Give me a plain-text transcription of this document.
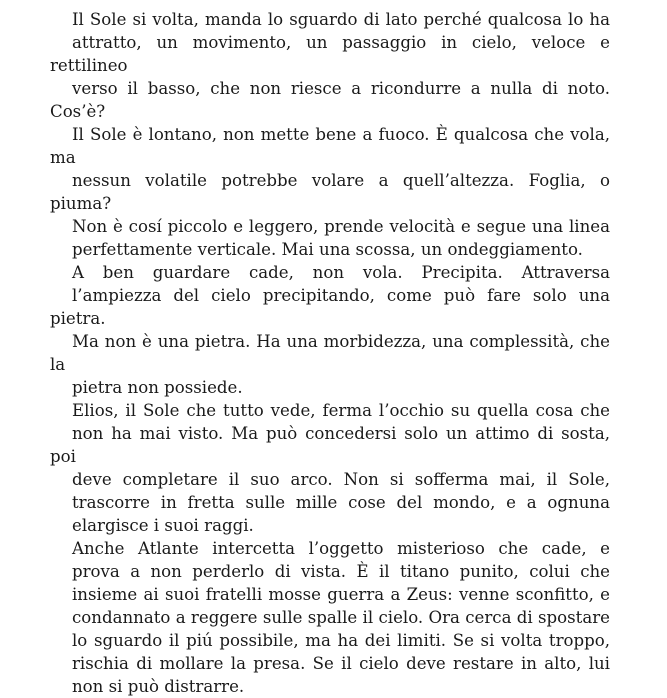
Il Sole si volta, manda lo sguardo di lato perché qualcosa lo ha
attratto, un movimento, un passaggio in cielo, veloce e rettilineo
verso il basso, che non riesce a ricondurre a nulla di noto. Cos’è?
Il Sole è lontano, non mette bene a fuoco. È qualcosa che vola, ma
nessun volatile potrebbe volare a quell’altezza. Foglia, o piuma?
Non è cosí piccolo e leggero, prende velocità e segue una linea
perfettamente verticale. Mai una scossa, un ondeggiamento.

A ben guardare cade, non vola. Precipita. Attraversa
l’ampiezza del cielo precipitando, come può fare solo una pietra.
Ma non è una pietra. Ha una morbidezza, una complessità, che la
pietra non possiede.

Elios, il Sole che tutto vede, ferma l’occhio su quella cosa che
non ha mai visto. Ma può concedersi solo un attimo di sosta, poi
deve completare il suo arco. Non si sofferma mai, il Sole,
trascorre in fretta sulle mille cose del mondo, e a ognuna
elargisce i suoi raggi.

Anche Atlante intercetta l’oggetto misterioso che cade, e
prova a non perderlo di vista. È il titano punito, colui che
insieme ai suoi fratelli mosse guerra a Zeus: venne sconfitto, e
condannato a reggere sulle spalle il cielo. Ora cerca di spostare
lo sguardo il piú possibile, ma ha dei limiti. Se si volta troppo,
rischia di mollare la presa. Se il cielo deve restare in alto, lui
non si può distrarre.
